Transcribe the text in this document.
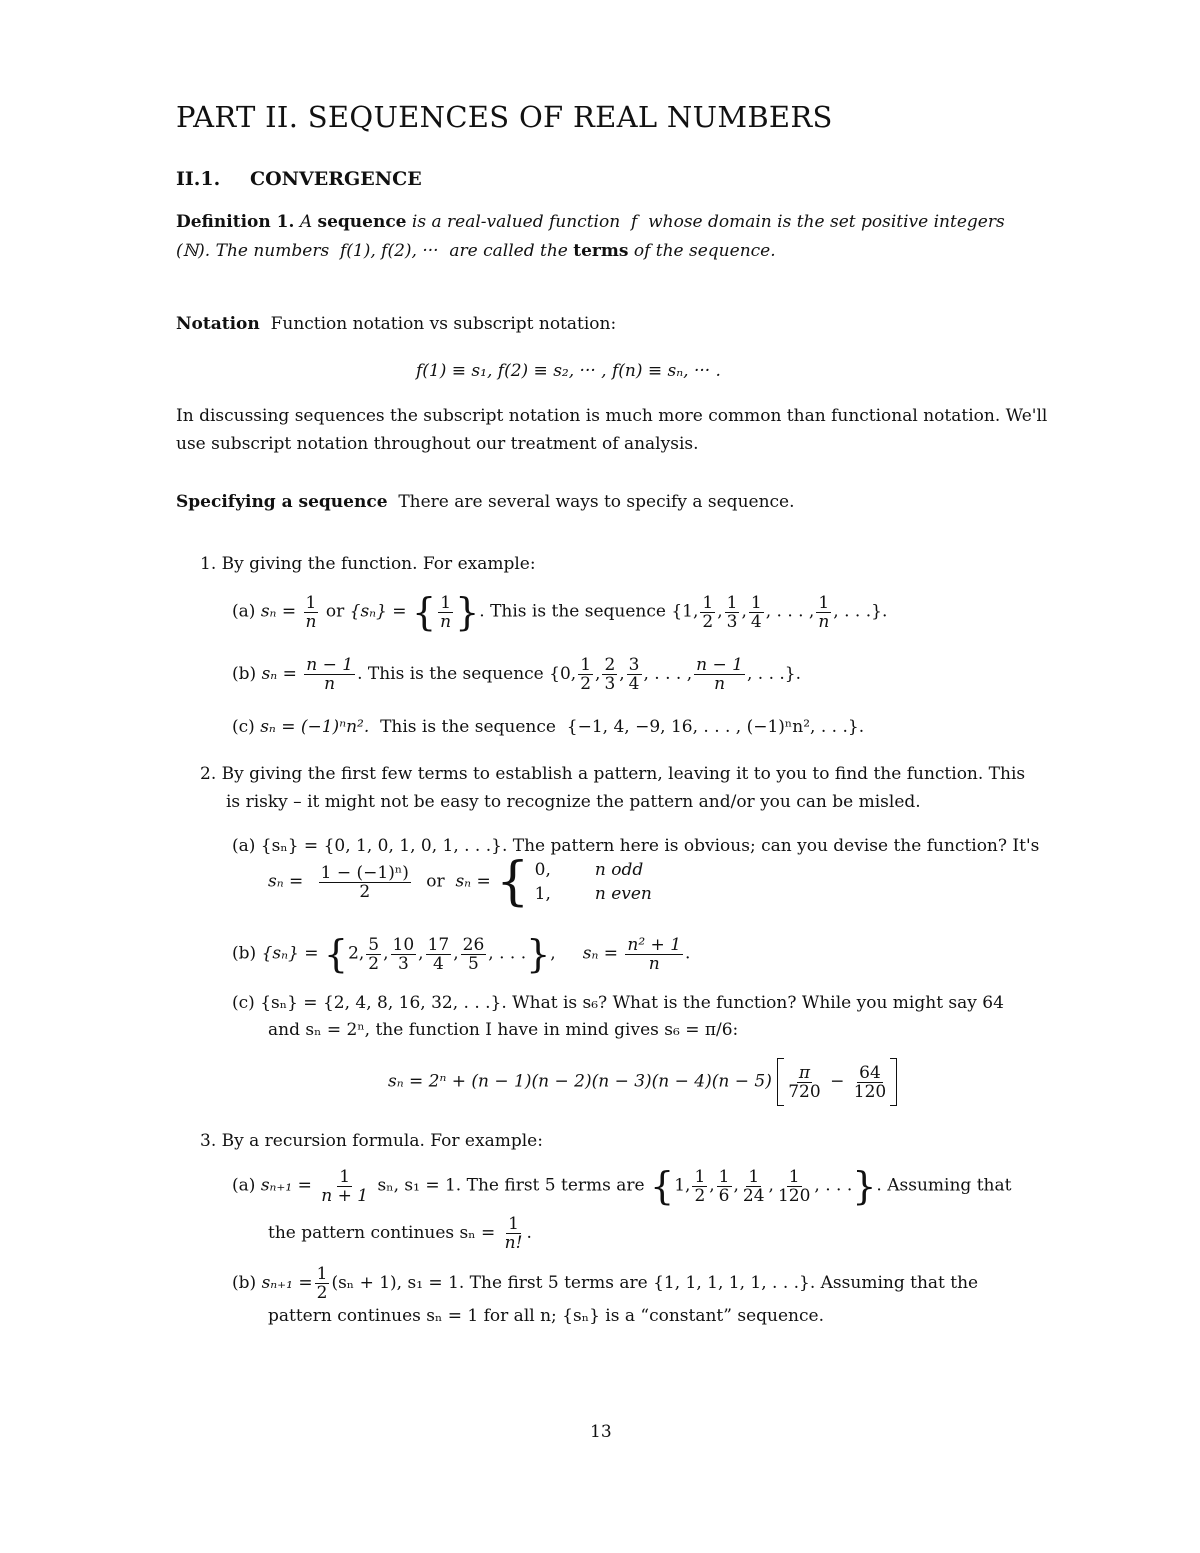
PART II. SEQUENCES OF REAL NUMBERS
II.1. CONVERGENCE
Definition 1. A sequence is a real-valued function f whose domain is the set positive integers
(ℕ). The numbers f(1), f(2), ··· are called the terms of the sequence.
Notation Function notation vs subscript notation:
f(1) ≡ s₁, f(2) ≡ s₂, ··· , f(n) ≡ sₙ, ··· .
In discussing sequences the subscript notation is much more common than functional notation. We'll
use subscript notation throughout our treatment of analysis.
Specifying a sequence There are several ways to specify a sequence.
1. By giving the function. For example:
(a) $s_n = \frac{1}{n}$ or {sₙ} = { $\frac{1}{n}$ }. This is the sequence {1, $\frac{1}{2}$ , $\frac{1}{3}$ , $\frac{1}{4}$ , . . . , $\frac{1}{n}$ , . . .}.
(b) $s_n = \frac{n - 1}{n}$ . This is the sequence {0, $\frac{1}{2}$ , $\frac{2}{3}$ , $\frac{3}{4}$ , . . . , $\frac{n - 1}{n}$ , . . .}.
(c) sₙ = (−1)ⁿn². This is the sequence {−1, 4, −9, 16, . . . , (−1)ⁿn², . . .}.
2. By giving the first few terms to establish a pattern, leaving it to you to find the function. This
is risky – it might not be easy to recognize the pattern and/or you can be misled.
(a) {sₙ} = {0, 1, 0, 1, 0, 1, . . .}. The pattern here is obvious; can you devise the function? It's
$s_n = \frac{\text{1 − (−1)ⁿ)}}{2}$ or sₙ = { 0,	n odd
1,	n even
(b) {sₙ} = {2, $\frac{5}{2}$ , $\frac{10}{3}$ , $\frac{17}{4}$ , $\frac{26}{5}$ , . . .}, $s_n = \frac{\text{n² + 1}}{n}$ .
(c) {sₙ} = {2, 4, 8, 16, 32, . . .}. What is s₆? What is the function? While you might say 64
and sₙ = 2ⁿ, the function I have in mind gives s₆ = π/6:
$s_n = 2^n + (n - 1)(n - 2)(n - 3)(n - 4)(n - 5) \frac{\pi}{720} - \frac{64}{120}$
3. By a recursion formula. For example:
(a) $s_{n+1} = \frac{1}{n + 1} s_n$, s₁ = 1. The first 5 terms are {1, $\frac{1}{2}$ , $\frac{1}{6}$ , $\frac{1}{24}$ , $\frac{1}{120}$ , . . .}. Assuming that
the pattern continues $s_n = \frac{1}{n!}$ .
(b) $s_{n+1} = \frac{1}{2} (s_n + 1)$, s₁ = 1. The first 5 terms are {1, 1, 1, 1, 1, . . .}. Assuming that the
pattern continues sₙ = 1 for all n; {sₙ} is a “constant” sequence.
13
